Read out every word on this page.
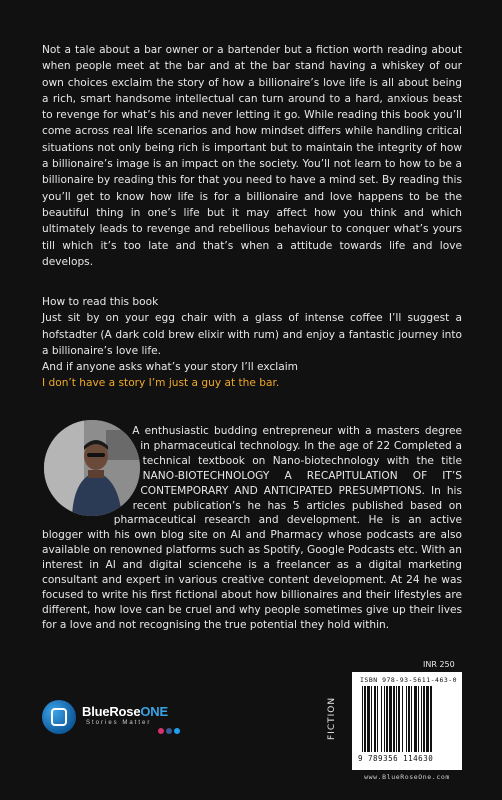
Not a tale about a bar owner or a bartender but a fiction worth reading about when people meet at the bar and at the bar stand having a whiskey of our own choices exclaim the story of how a billionaire’s love life is all about being a rich, smart handsome intellectual can turn around to a hard, anxious beast to revenge for what’s his and never letting it go. While reading this book you’ll come across real life scenarios and how mindset differs while handling critical situations not only being rich is important but to maintain the integrity of how a billionaire’s image is an impact on the society. You’ll not learn to how to be a billionaire by reading this for that you need to have a mind set. By reading this you’ll get to know how life is for a billionaire and love happens to be the beautiful thing in one’s life but it may affect how you think and which ultimately leads to revenge and rebellious behaviour to conquer what’s yours till which it’s too late and that’s when a attitude towards life and love develops.

How to read this book

Just sit by on your egg chair with a glass of intense coffee I’ll suggest a hofstadter (A dark cold brew elixir with rum) and enjoy a fantastic journey into a billionaire’s love life.

And if anyone asks what’s your story I’ll exclaim

I don’t have a story I’m just a guy at the bar.

A enthusiastic budding entrepreneur with a masters degree in pharmaceutical technology. In the age of 22 Completed a technical textbook on Nano-biotechnology with the title NANO-BIOTECHNOLOGY A RECAPITULATION OF IT’S CONTEMPORARY AND ANTICIPATED PRESUMPTIONS. In his recent publication’s he has 5 articles published based on pharmaceutical research and development. He is an active blogger with his own blog site on AI and Pharmacy whose podcasts are also available on renowned platforms such as Spotify, Google Podcasts etc. With an interest in AI and digital sciencehe is a freelancer as a digital marketing consultant and expert in various creative content development. At 24 he was focused to write his first fictional about how billionaires and their lifestyles are different, how love can be cruel and why people sometimes give up their lives for a love and not recognising the true potential they hold within.

INR 250
BlueRoseONE
Stories Matter	FICTION
ISBN 978-93-5611-463-0
9 789356 114630
www.BlueRoseOne.com
